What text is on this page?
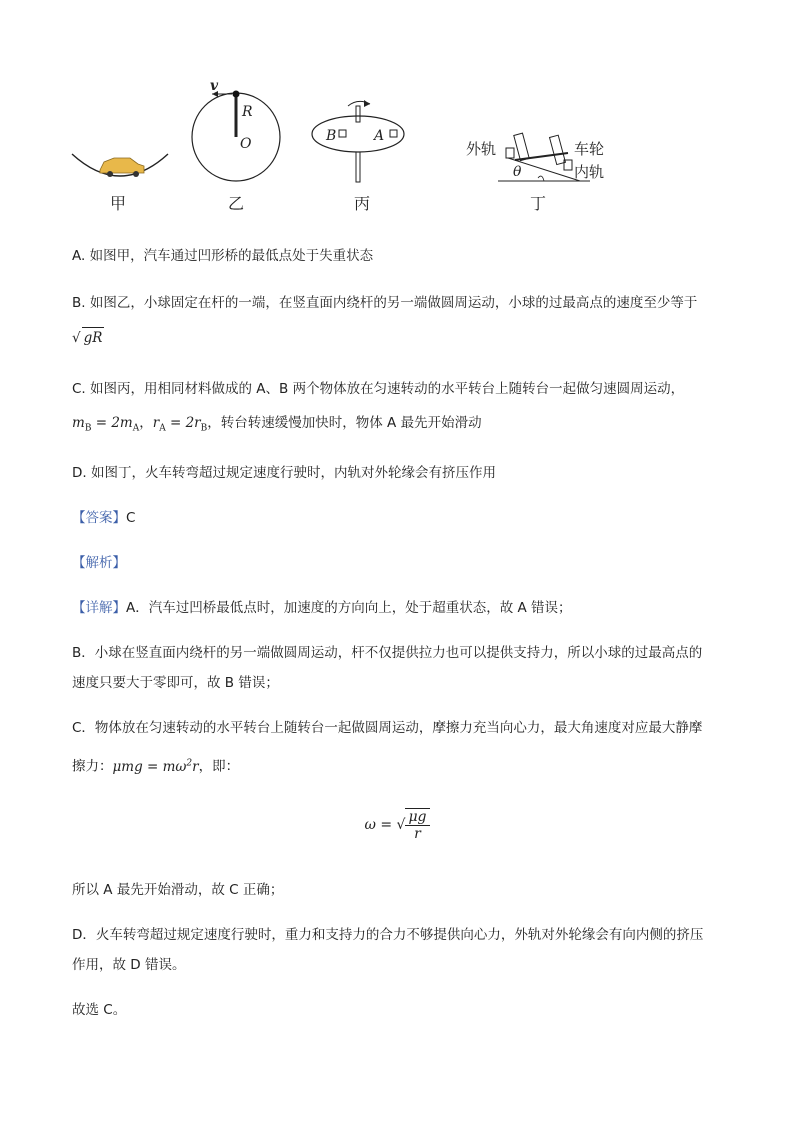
甲
v
R
O
乙
B	A
丙
外轨	车轮
内轨
θ
丁
A. 如图甲，汽车通过凹形桥的最低点处于失重状态
B. 如图乙，小球固定在杆的一端，在竖直面内绕杆的另一端做圆周运动，小球的过最高点的速度至少等于
√ gR
C. 如图丙，用相同材料做成的 A、B 两个物体放在匀速转动的水平转台上随转台一起做匀速圆周运动，
$m_B = 2m_A$，$r_A = 2r_B$，转台转速缓慢加快时，物体 A 最先开始滑动
D. 如图丁，火车转弯超过规定速度行驶时，内轨对外轮缘会有挤压作用
【答案】C
【解析】
【详解】A．汽车过凹桥最低点时，加速度的方向向上，处于超重状态，故 A 错误；
B．小球在竖直面内绕杆的另一端做圆周运动，杆不仅提供拉力也可以提供支持力，所以小球的过最高点的
速度只要大于零即可，故 B 错误；
C．物体放在匀速转动的水平转台上随转台一起做圆周运动，摩擦力充当向心力，最大角速度对应最大静摩
擦力：$\mu mg = m\omega^2r$，即：
ω = √ $\frac{\mu g}{r}$
所以 A 最先开始滑动，故 C 正确；
D．火车转弯超过规定速度行驶时，重力和支持力的合力不够提供向心力，外轨对外轮缘会有向内侧的挤压
作用，故 D 错误。
故选 C。
